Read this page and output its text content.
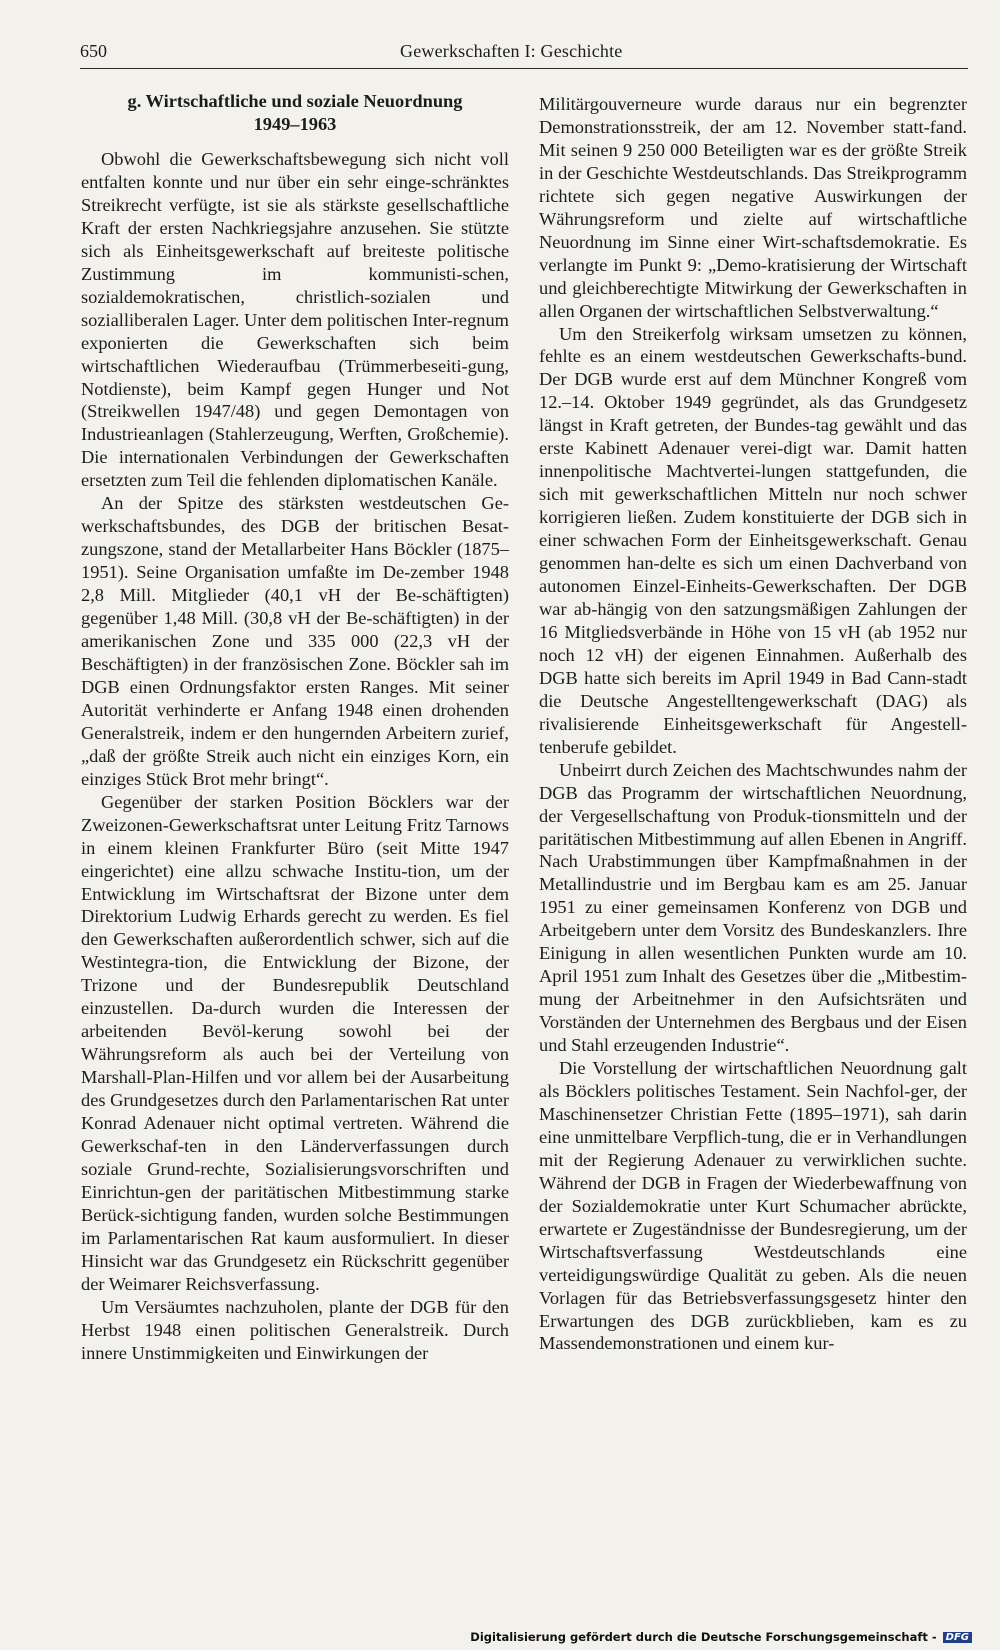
650	Gewerkschaften I: Geschichte
g. Wirtschaftliche und soziale Neuordnung
1949–1963

Obwohl die Gewerkschaftsbewegung sich nicht voll entfalten konnte und nur über ein sehr einge-schränktes Streikrecht verfügte, ist sie als stärkste gesellschaftliche Kraft der ersten Nachkriegsjahre anzusehen. Sie stützte sich als Einheitsgewerkschaft auf breiteste politische Zustimmung im kommunisti-schen, sozialdemokratischen, christlich-sozialen und sozialliberalen Lager. Unter dem politischen Inter-regnum exponierten die Gewerkschaften sich beim wirtschaftlichen Wiederaufbau (Trümmerbeseiti-gung, Notdienste), beim Kampf gegen Hunger und Not (Streikwellen 1947/48) und gegen Demontagen von Industrieanlagen (Stahlerzeugung, Werften, Großchemie). Die internationalen Verbindungen der Gewerkschaften ersetzten zum Teil die fehlenden diplomatischen Kanäle.

An der Spitze des stärksten westdeutschen Ge-werkschaftsbundes, des DGB der britischen Besat-zungszone, stand der Metallarbeiter Hans Böckler (1875–1951). Seine Organisation umfaßte im De-zember 1948 2,8 Mill. Mitglieder (40,1 vH der Be-schäftigten) gegenüber 1,48 Mill. (30,8 vH der Be-schäftigten) in der amerikanischen Zone und 335 000 (22,3 vH der Beschäftigten) in der französischen Zone. Böckler sah im DGB einen Ordnungsfaktor ersten Ranges. Mit seiner Autorität verhinderte er Anfang 1948 einen drohenden Generalstreik, indem er den hungernden Arbeitern zurief, „daß der größte Streik auch nicht ein einziges Korn, ein einziges Stück Brot mehr bringt“.

Gegenüber der starken Position Böcklers war der Zweizonen-Gewerkschaftsrat unter Leitung Fritz Tarnows in einem kleinen Frankfurter Büro (seit Mitte 1947 eingerichtet) eine allzu schwache Institu-tion, um der Entwicklung im Wirtschaftsrat der Bizone unter dem Direktorium Ludwig Erhards gerecht zu werden. Es fiel den Gewerkschaften außerordentlich schwer, sich auf die Westintegra-tion, die Entwicklung der Bizone, der Trizone und der Bundesrepublik Deutschland einzustellen. Da-durch wurden die Interessen der arbeitenden Bevöl-kerung sowohl bei der Währungsreform als auch bei der Verteilung von Marshall-Plan-Hilfen und vor allem bei der Ausarbeitung des Grundgesetzes durch den Parlamentarischen Rat unter Konrad Adenauer nicht optimal vertreten. Während die Gewerkschaf-ten in den Länderverfassungen durch soziale Grund-rechte, Sozialisierungsvorschriften und Einrichtun-gen der paritätischen Mitbestimmung starke Berück-sichtigung fanden, wurden solche Bestimmungen im Parlamentarischen Rat kaum ausformuliert. In dieser Hinsicht war das Grundgesetz ein Rückschritt gegenüber der Weimarer Reichsverfassung.

Um Versäumtes nachzuholen, plante der DGB für den Herbst 1948 einen politischen Generalstreik. Durch innere Unstimmigkeiten und Einwirkungen der

Militärgouverneure wurde daraus nur ein begrenzter Demonstrationsstreik, der am 12. November statt-fand. Mit seinen 9 250 000 Beteiligten war es der größte Streik in der Geschichte Westdeutschlands. Das Streikprogramm richtete sich gegen negative Auswirkungen der Währungsreform und zielte auf wirtschaftliche Neuordnung im Sinne einer Wirt-schaftsdemokratie. Es verlangte im Punkt 9: „Demo-kratisierung der Wirtschaft und gleichberechtigte Mitwirkung der Gewerkschaften in allen Organen der wirtschaftlichen Selbstverwaltung.“

Um den Streikerfolg wirksam umsetzen zu können, fehlte es an einem westdeutschen Gewerkschafts-bund. Der DGB wurde erst auf dem Münchner Kongreß vom 12.–14. Oktober 1949 gegründet, als das Grundgesetz längst in Kraft getreten, der Bundes-tag gewählt und das erste Kabinett Adenauer verei-digt war. Damit hatten innenpolitische Machtvertei-lungen stattgefunden, die sich mit gewerkschaftlichen Mitteln nur noch schwer korrigieren ließen. Zudem konstituierte der DGB sich in einer schwachen Form der Einheitsgewerkschaft. Genau genommen han-delte es sich um einen Dachverband von autonomen Einzel-Einheits-Gewerkschaften. Der DGB war ab-hängig von den satzungsmäßigen Zahlungen der 16 Mitgliedsverbände in Höhe von 15 vH (ab 1952 nur noch 12 vH) der eigenen Einnahmen. Außerhalb des DGB hatte sich bereits im April 1949 in Bad Cann-stadt die Deutsche Angestelltengewerkschaft (DAG) als rivalisierende Einheitsgewerkschaft für Angestell-tenberufe gebildet.

Unbeirrt durch Zeichen des Machtschwundes nahm der DGB das Programm der wirtschaftlichen Neuordnung, der Vergesellschaftung von Produk-tionsmitteln und der paritätischen Mitbestimmung auf allen Ebenen in Angriff. Nach Urabstimmungen über Kampfmaßnahmen in der Metallindustrie und im Bergbau kam es am 25. Januar 1951 zu einer gemeinsamen Konferenz von DGB und Arbeitgebern unter dem Vorsitz des Bundeskanzlers. Ihre Einigung in allen wesentlichen Punkten wurde am 10. April 1951 zum Inhalt des Gesetzes über die „Mitbestim-mung der Arbeitnehmer in den Aufsichtsräten und Vorständen der Unternehmen des Bergbaus und der Eisen und Stahl erzeugenden Industrie“.

Die Vorstellung der wirtschaftlichen Neuordnung galt als Böcklers politisches Testament. Sein Nachfol-ger, der Maschinensetzer Christian Fette (1895–1971), sah darin eine unmittelbare Verpflich-tung, die er in Verhandlungen mit der Regierung Adenauer zu verwirklichen suchte. Während der DGB in Fragen der Wiederbewaffnung von der Sozialdemokratie unter Kurt Schumacher abrückte, erwartete er Zugeständnisse der Bundesregierung, um der Wirtschaftsverfassung Westdeutschlands eine verteidigungswürdige Qualität zu geben. Als die neuen Vorlagen für das Betriebsverfassungsgesetz hinter den Erwartungen des DGB zurückblieben, kam es zu Massendemonstrationen und einem kur-

Digitalisierung gefördert durch die Deutsche Forschungsgemeinschaft - DFG
